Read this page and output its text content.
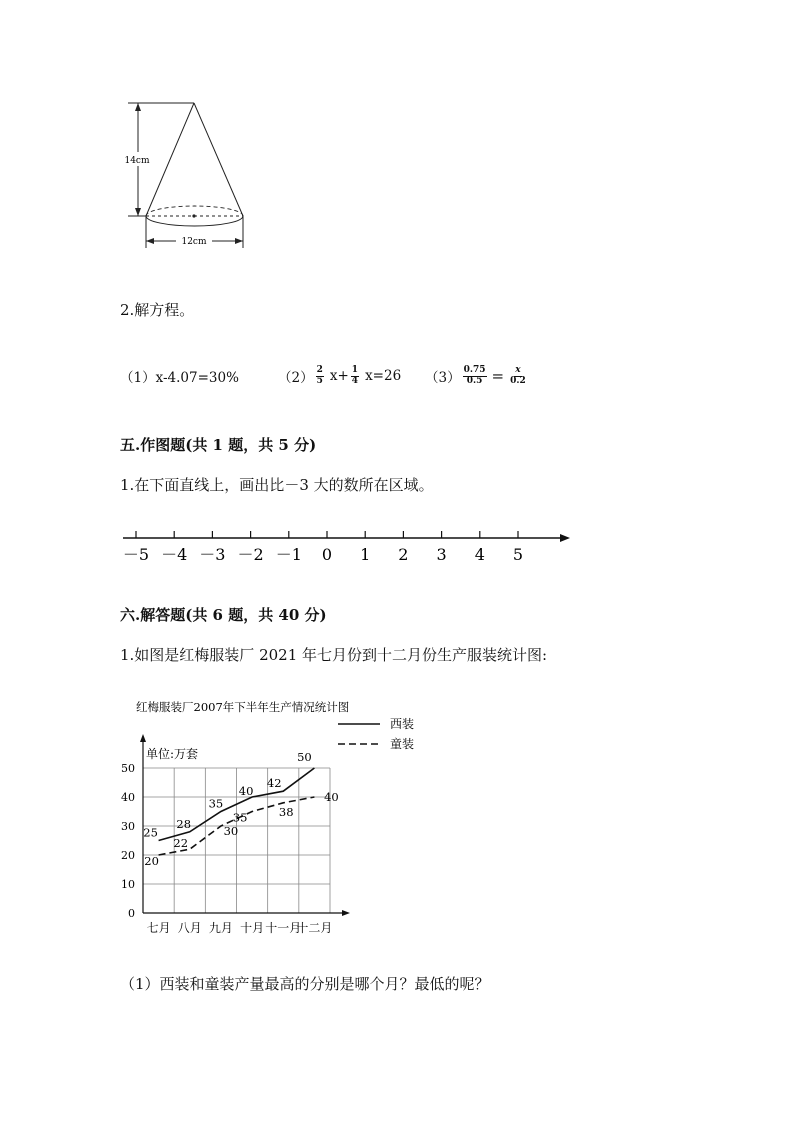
14cm
12cm
2.解方程。
（1）x-4.07=30%	$(2) \frac{2}{5} x+ \frac{1}{4} x=26$ $(3) \frac{0.75}{0.5} = \frac{x}{0.2}$
五.作图题(共 1 题，共 5 分)
1.在下面直线上，画出比－3 大的数所在区域。
－5 －4 －3 －2 －1 0 1 2 3 4 5
六.解答题(共 6 题，共 40 分)
1.如图是红梅服装厂 2021 年七月份到十二月份生产服装统计图:
红梅服装厂2007年下半年生产情况统计图
单位:万套
0
10
20
30
40
50
七月 八月 九月 十月 十一月
十二月
25
28
35
40
42
50
20
22
30
35	38
40
西装
童装
（1）西装和童装产量最高的分别是哪个月？最低的呢？
